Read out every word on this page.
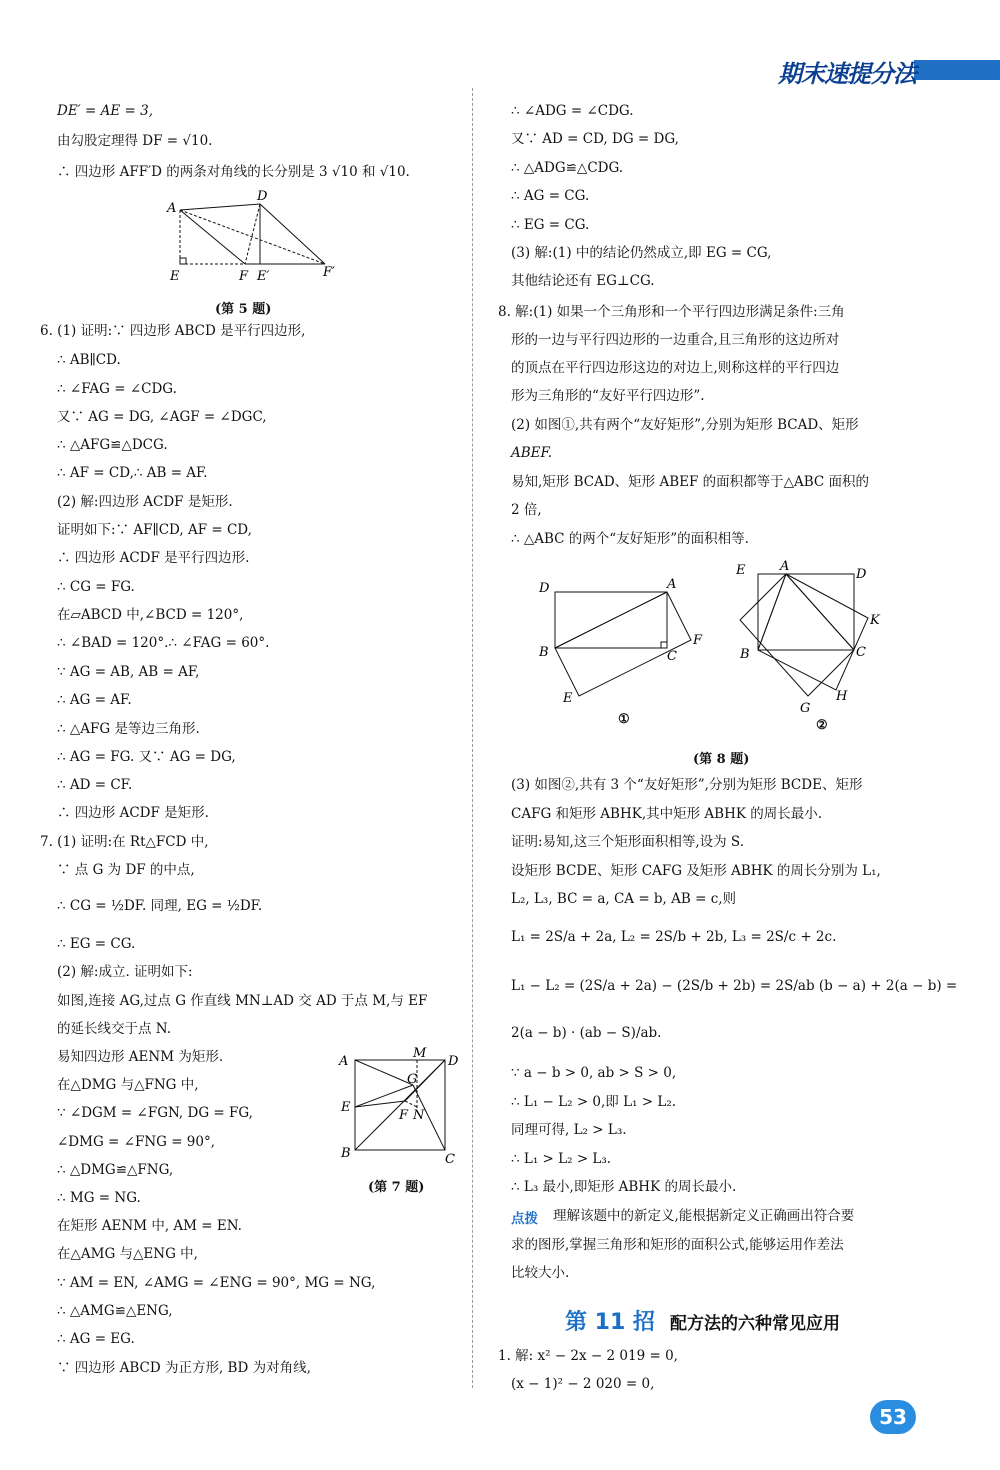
期末速提分法
DE′ = AE = 3,
由勾股定理得 DF = √10.
∴ 四边形 AFF′D 的两条对角线的长分别是 3 √10 和 √10.
A
D
E	F E′	F′
(第 5 题)
6. (1) 证明:∵ 四边形 ABCD 是平行四边形,
∴ AB∥CD.
∴ ∠FAG = ∠CDG.
又∵ AG = DG, ∠AGF = ∠DGC,
∴ △AFG≌△DCG.
∴ AF = CD,∴ AB = AF.
(2) 解:四边形 ACDF 是矩形.
证明如下:∵ AF∥CD, AF = CD,
∴ 四边形 ACDF 是平行四边形.
∴ CG = FG.
在▱ABCD 中,∠BCD = 120°,
∴ ∠BAD = 120°.∴ ∠FAG = 60°.
∵ AG = AB, AB = AF,
∴ AG = AF.
∴ △AFG 是等边三角形.
∴ AG = FG. 又∵ AG = DG,
∴ AD = CF.
∴ 四边形 ACDF 是矩形.
7. (1) 证明:在 Rt△FCD 中,
∵ 点 G 为 DF 的中点,
∴ CG = ½DF. 同理, EG = ½DF.
∴ EG = CG.
(2) 解:成立. 证明如下:
如图,连接 AG,过点 G 作直线 MN⊥AD 交 AD 于点 M,与 EF
的延长线交于点 N.
易知四边形 AENM 为矩形.
在△DMG 与△FNG 中,
∵ ∠DGM = ∠FGN, DG = FG,
∠DMG = ∠FNG = 90°,
∴ △DMG≌△FNG,
∴ MG = NG.
在矩形 AENM 中, AM = EN.
在△AMG 与△ENG 中,
∵ AM = EN, ∠AMG = ∠ENG = 90°, MG = NG,
∴ △AMG≌△ENG,
∴ AG = EG.
∵ 四边形 ABCD 为正方形, BD 为对角线,
A
M
D
G
E
F N
B	C
(第 7 题)
∴ ∠ADG = ∠CDG.
又∵ AD = CD, DG = DG,
∴ △ADG≌△CDG.
∴ AG = CG.
∴ EG = CG.
(3) 解:(1) 中的结论仍然成立,即 EG = CG,
其他结论还有 EG⊥CG.
8. 解:(1) 如果一个三角形和一个平行四边形满足条件:三角
形的一边与平行四边形的一边重合,且三角形的这边所对
的顶点在平行四边形这边的对边上,则称这样的平行四边
形为三角形的“友好平行四边形”.
(2) 如图①,共有两个“友好矩形”,分别为矩形 BCAD、矩形
ABEF.
易知,矩形 BCAD、矩形 ABEF 的面积都等于△ABC 面积的
2 倍,
∴ △ABC 的两个“友好矩形”的面积相等.
D	A
B	C
F
E
①
E	A
D
K
B	C
H
G
②
(第 8 题)
(3) 如图②,共有 3 个“友好矩形”,分别为矩形 BCDE、矩形
CAFG 和矩形 ABHK,其中矩形 ABHK 的周长最小.
证明:易知,这三个矩形面积相等,设为 S.
设矩形 BCDE、矩形 CAFG 及矩形 ABHK 的周长分别为 L₁,
L₂, L₃, BC = a, CA = b, AB = c,则
L₁ = 2S/a + 2a, L₂ = 2S/b + 2b, L₃ = 2S/c + 2c.
L₁ − L₂ = (2S/a + 2a) − (2S/b + 2b) = 2S/ab (b − a) + 2(a − b) =
2(a − b) · (ab − S)/ab.
∵ a − b > 0, ab > S > 0,
∴ L₁ − L₂ > 0,即 L₁ > L₂.
同理可得, L₂ > L₃.
∴ L₁ > L₂ > L₃.
∴ L₃ 最小,即矩形 ABHK 的周长最小.
点拨 理解该题中的新定义,能根据新定义正确画出符合要
求的图形,掌握三角形和矩形的面积公式,能够运用作差法
比较大小.
1. 解: x² − 2x − 2 019 = 0,
(x − 1)² − 2 020 = 0,
第 11 招 配方法的六种常见应用
53
